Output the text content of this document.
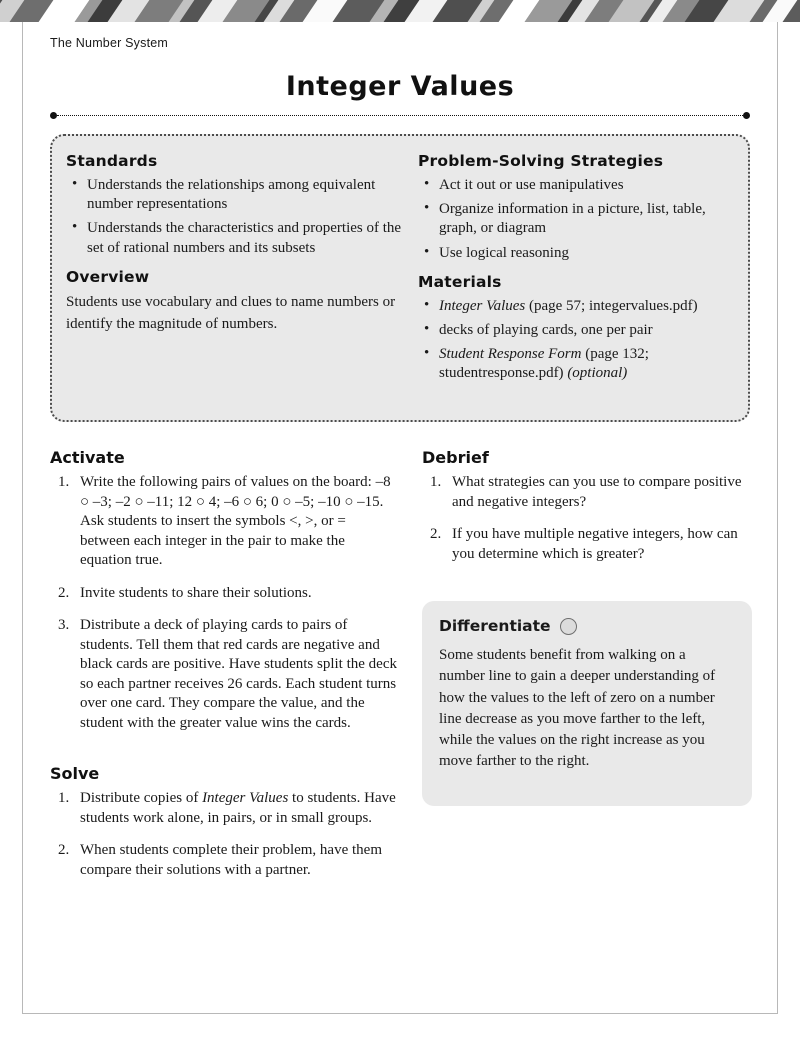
The Number System
Integer Values
Standards
• Understands the relationships among equivalent number representations
• Understands the characteristics and properties of the set of rational numbers and its subsets
Overview

Students use vocabulary and clues to name numbers or identify the magnitude of numbers.

Problem-Solving Strategies
• Act it out or use manipulatives
• Organize information in a picture, list, table, graph, or diagram
• Use logical reasoning
Materials
• Integer Values (page 57; integervalues.pdf)
• decks of playing cards, one per pair
• Student Response Form (page 132; studentresponse.pdf) (optional)
Activate
Write the following pairs of values on the board: –8 ○ –3; –2 ○ –11; 12 ○ 4; –6 ○ 6; 0 ○ –5; –10 ○ –15. Ask students to insert the symbols <, >, or = between each integer in the pair to make the equation true.
Invite students to share their solutions.
Distribute a deck of playing cards to pairs of students. Tell them that red cards are negative and black cards are positive. Have students split the deck so each partner receives 26 cards. Each student turns over one card. They compare the value, and the student with the greater value wins the cards.
Solve
Distribute copies of Integer Values to students. Have students work alone, in pairs, or in small groups.
When students complete their problem, have them compare their solutions with a partner.
Debrief
What strategies can you use to compare positive and negative integers?
If you have multiple negative integers, how can you determine which is greater?
Differentiate

Some students benefit from walking on a number line to gain a deeper understanding of how the values to the left of zero on a number line decrease as you move farther to the left, while the values on the right increase as you move farther to the right.
